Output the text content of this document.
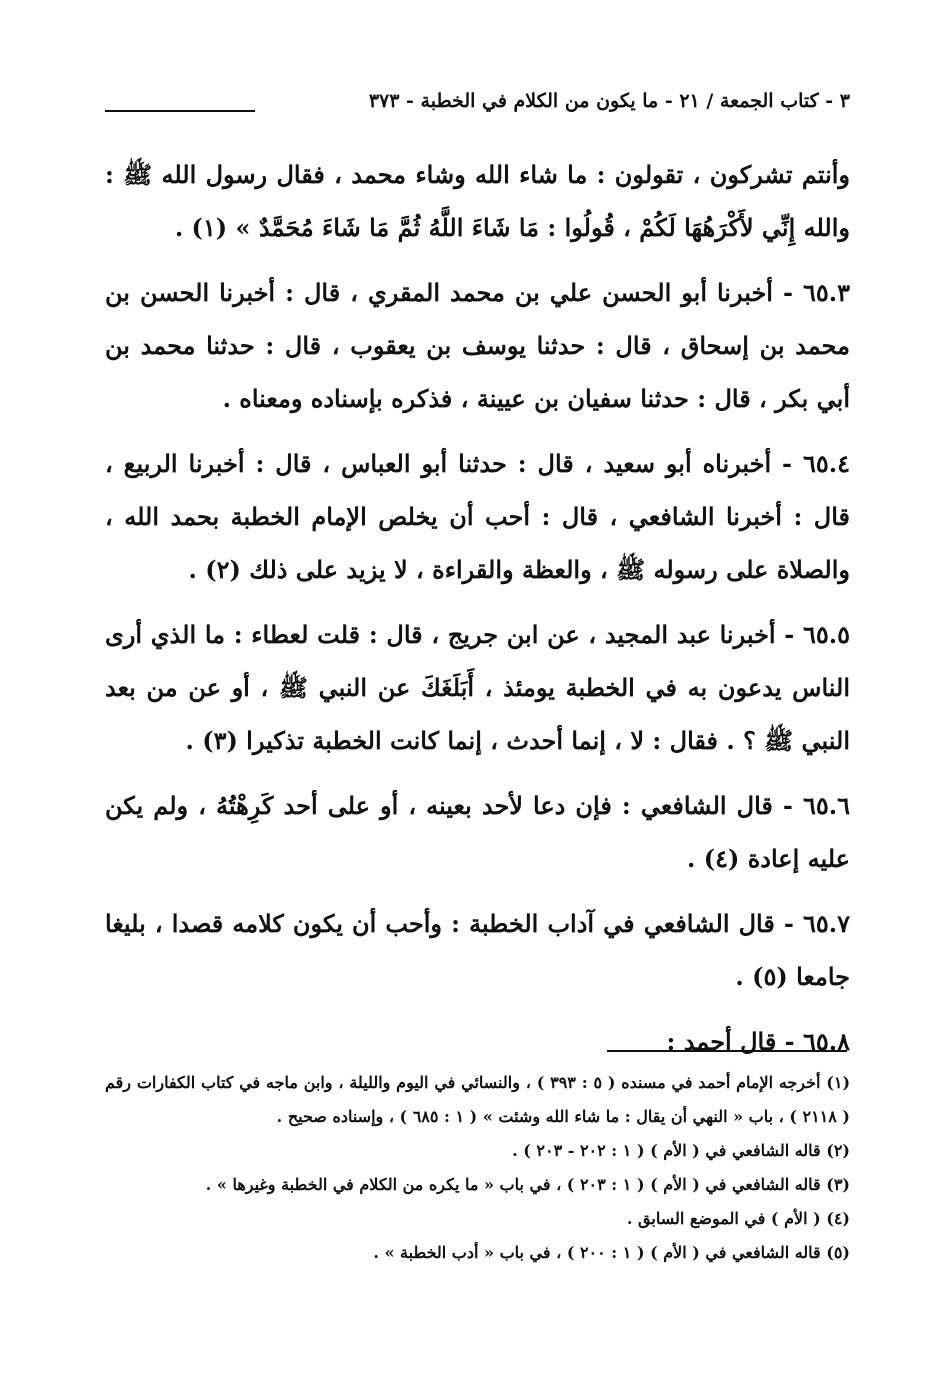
٣ - كتاب الجمعة / ٢١ - ما يكون من الكلام في الخطبة - ٣٧٣

وأنتم تشركون ، تقولون : ما شاء الله وشاء محمد ، فقال رسول الله ﷺ : والله إِنِّي لأَكْرَهُهَا لَكُمْ ، قُولُوا : مَا شَاءَ اللَّهُ ثُمَّ مَا شَاءَ مُحَمَّدٌ » (١) .

٦٥.٣ - أخبرنا أبو الحسن علي بن محمد المقري ، قال : أخبرنا الحسن بن محمد بن إسحاق ، قال : حدثنا يوسف بن يعقوب ، قال : حدثنا محمد بن أبي بكر ، قال : حدثنا سفيان بن عيينة ، فذكره بإسناده ومعناه .

٦٥.٤ - أخبرناه أبو سعيد ، قال : حدثنا أبو العباس ، قال : أخبرنا الربيع ، قال : أخبرنا الشافعي ، قال : أحب أن يخلص الإمام الخطبة بحمد الله ، والصلاة على رسوله ﷺ ، والعظة والقراءة ، لا يزيد على ذلك (٢) .

٦٥.٥ - أخبرنا عبد المجيد ، عن ابن جريج ، قال : قلت لعطاء : ما الذي أرى الناس يدعون به في الخطبة يومئذ ، أَبَلَغَكَ عن النبي ﷺ ، أو عن من بعد النبي ﷺ ؟ . فقال : لا ، إنما أحدث ، إنما كانت الخطبة تذكيرا (٣) .

٦٥.٦ - قال الشافعي : فإن دعا لأحد بعينه ، أو على أحد كَرِهْتُهُ ، ولم يكن عليه إعادة (٤) .

٦٥.٧ - قال الشافعي في آداب الخطبة : وأحب أن يكون كلامه قصدا ، بليغا جامعا (٥) .

٦٥.٨ - قال أحمد :

(١) أخرجه الإمام أحمد في مسنده ( ٥ : ٣٩٣ ) ، والنسائي في اليوم والليلة ، وابن ماجه في كتاب الكفارات رقم ( ٢١١٨ ) ، باب « النهي أن يقال : ما شاء الله وشئت » ( ١ : ٦٨٥ ) ، وإسناده صحيح .

(٢) قاله الشافعي في ( الأم ) ( ١ : ٢٠٢ - ٢٠٣ ) .

(٣) قاله الشافعي في ( الأم ) ( ١ : ٢٠٣ ) ، في باب « ما يكره من الكلام في الخطبة وغيرها » .

(٤) ( الأم ) في الموضع السابق .

(٥) قاله الشافعي في ( الأم ) ( ١ : ٢٠٠ ) ، في باب « أدب الخطبة » .
